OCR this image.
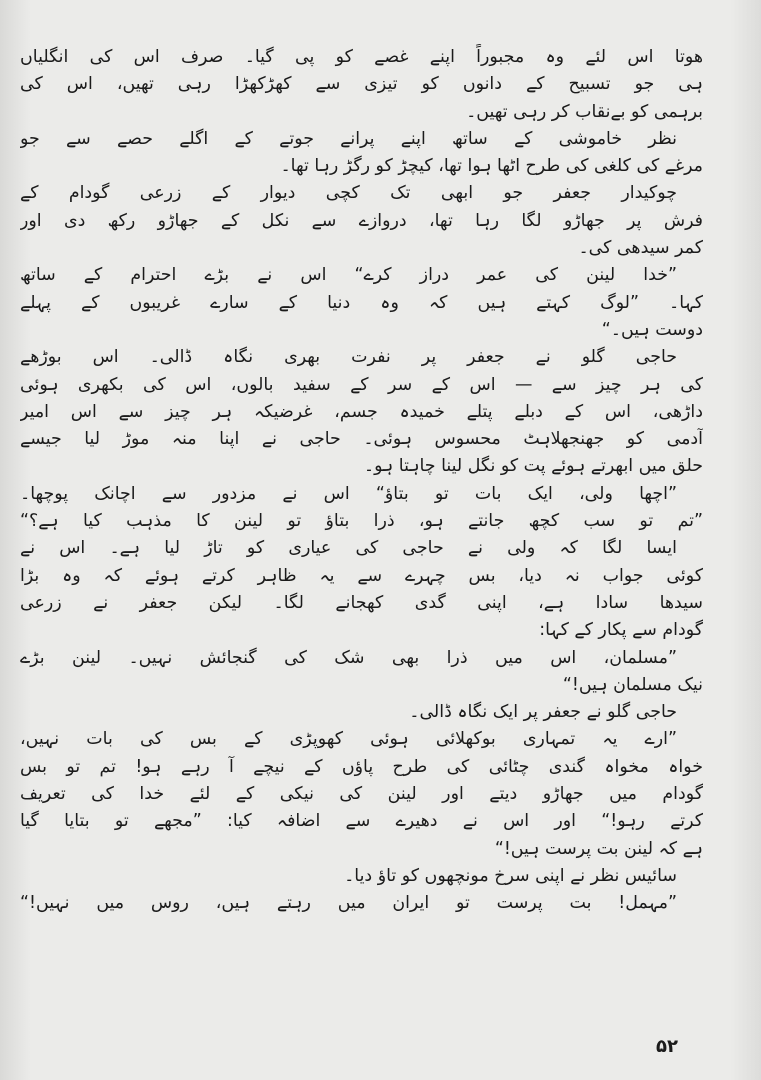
هوتا اس لئے وہ مجبوراً اپنے غصے کو پی گیا۔ صرف اس کی انگلیاں
ہی جو تسبیح کے دانوں کو تیزی سے کھڑکھڑا رہی تھیں، اس کی
برہمی کو بےنقاب کر رہی تھیں۔
نظر خاموشی کے ساتھ اپنے پرانے جوتے کے اگلے حصے سے جو
مرغے کی کلغی کی طرح اٹھا ہوا تھا، کیچڑ کو رگڑ رہا تھا۔
چوکیدار جعفر جو ابھی تک کچی دیوار کے زرعی گودام کے
فرش پر جھاڑو لگا رہا تھا، دروازے سے نکل کے جھاڑو رکھ دی اور
کمر سیدھی کی۔
”خدا لینن کی عمر دراز کرے“ اس نے بڑے احترام کے ساتھ
کہا۔ ”لوگ کہتے ہیں کہ وہ دنیا کے سارے غریبوں کے پہلے
دوست ہیں۔“
حاجی گلو نے جعفر پر نفرت بھری نگاہ ڈالی۔ اس بوڑھے
کی ہر چیز سے — اس کے سر کے سفید بالوں، اس کی بکھری ہوئی
داڑھی، اس کے دبلے پتلے خمیدہ جسم، غرضیکہ ہر چیز سے اس امیر
آدمی کو جھنجھلاہٹ محسوس ہوئی۔ حاجی نے اپنا منہ موڑ لیا جیسے
حلق میں ابھرتے ہوئے پت کو نگل لینا چاہتا ہو۔
”اچھا ولی، ایک بات تو بتاؤ“ اس نے مزدور سے اچانک پوچھا۔
”تم تو سب کچھ جانتے ہو، ذرا بتاؤ تو لینن کا مذہب کیا ہے؟“
ایسا لگا کہ ولی نے حاجی کی عیاری کو تاڑ لیا ہے۔ اس نے
کوئی جواب نہ دیا، بس چہرے سے یہ ظاہر کرتے ہوئے کہ وہ بڑا
سیدھا سادا ہے، اپنی گدی کھجانے لگا۔ لیکن جعفر نے زرعی
گودام سے پکار کے کہا:
”مسلمان، اس میں ذرا بھی شک کی گنجائش نہیں۔ لینن بڑے
نیک مسلمان ہیں!“
حاجی گلو نے جعفر پر ایک نگاہ ڈالی۔
”ارے یہ تمہاری بوکھلائی ہوئی کھوپڑی کے بس کی بات نہیں،
خواہ مخواہ گندی چٹائی کی طرح پاؤں کے نیچے آ رہے ہو! تم تو بس
گودام میں جھاڑو دیتے اور لینن کی نیکی کے لئے خدا کی تعریف
کرتے رہو!“ اور اس نے دھیرے سے اضافہ کیا: ”مجھے تو بتایا گیا
ہے کہ لینن بت پرست ہیں!“
سائیس نظر نے اپنی سرخ مونچھوں کو تاؤ دیا۔
”مہمل! بت پرست تو ایران میں رہتے ہیں، روس میں نہیں!“
۵۲
